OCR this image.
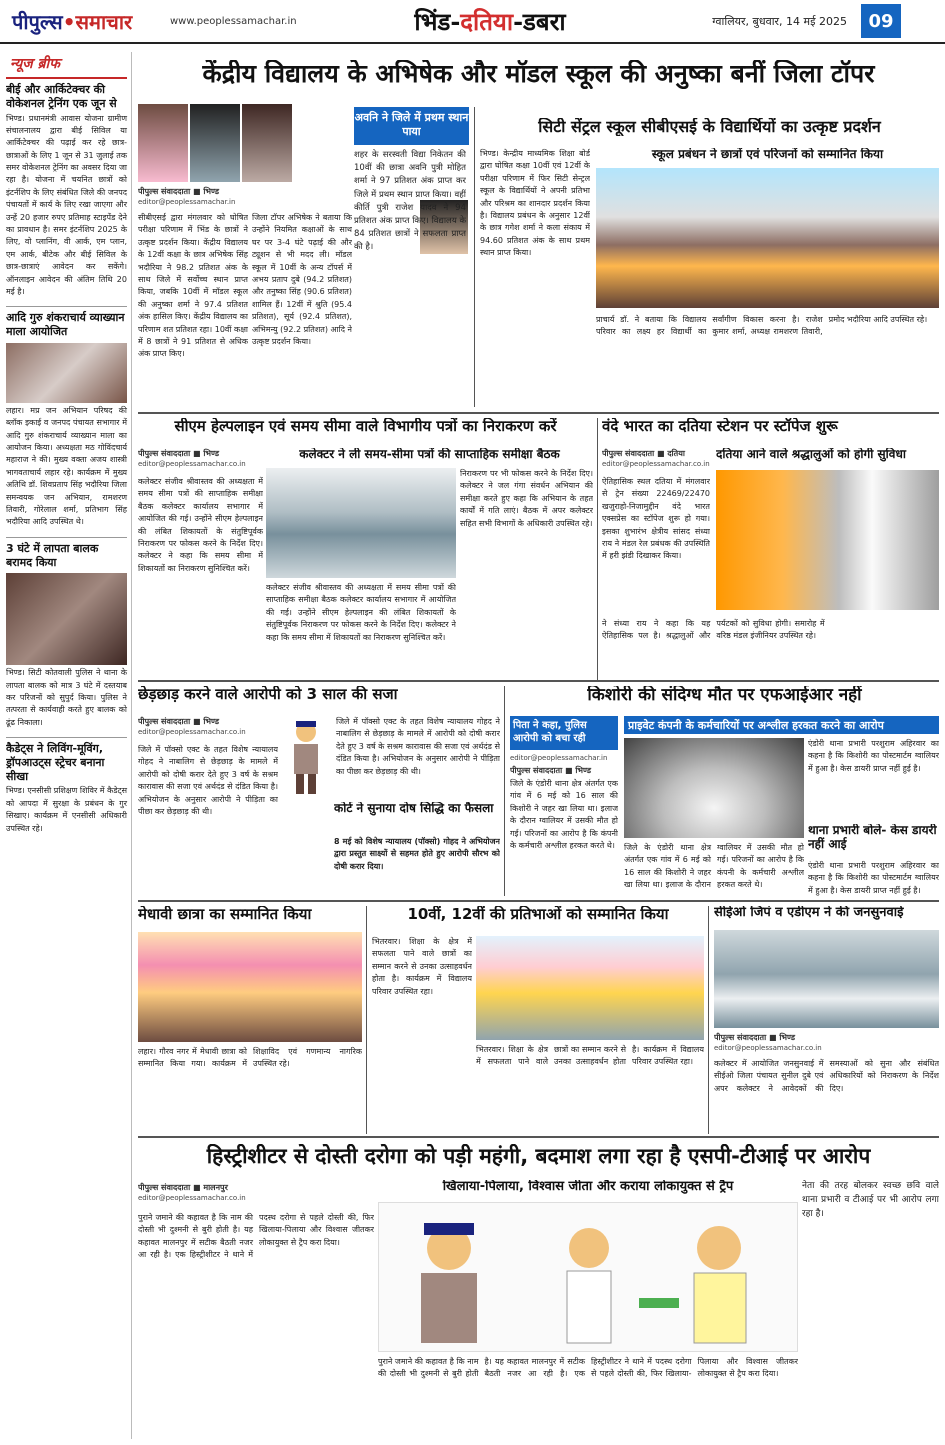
पीपुल्स•समाचार	www.peoplessamachar.in	भिंड-दतिया-डबरा	ग्वालियर, बुधवार, 14 मई 2025	09
न्यूज ब्रीफ
बीई और आर्किटेक्चर की वोकेशनल ट्रेनिंग एक जून से
भिण्ड। प्रधानमंत्री आवास योजना ग्रामीण संचालनालय द्वारा बीई सिविल या आर्किटेक्चर की पढ़ाई कर रहे छात्र-छात्राओं के लिए 1 जून से 31 जुलाई तक समर वोकेशनल ट्रेनिंग का अवसर दिया जा रहा है। योजना में चयनित छात्रों को इंटर्नशिप के लिए संबंधित जिले की जनपद पंचायतों में कार्य के लिए रखा जाएगा और उन्हें 20 हजार रुपए प्रतिमाह स्टाइपेंड देने का प्रावधान है। समर इंटर्नशिप 2025 के लिए, वो प्लानिंग, वी आर्क, एम प्लान, एम आर्क, बीटेक और बीई सिविल के छात्र-छात्राएं आवेदन कर सकेंगे। ऑनलाइन आवेदन की अंतिम तिथि 20 मई है।
आदि गुरु शंकराचार्य व्याख्यान माला आयोजित
लहार। मप्र जन अभियान परिषद की ब्लॉक इकाई व जनपद पंचायत सभागार में आदि गुरु शंकराचार्य व्याख्यान माला का आयोजन किया। अध्यक्षता मठ गोविंदचार्य महाराज ने की। मुख्य वक्ता अजय शास्त्री भागवताचार्य लहार रहे। कार्यक्रम में मुख्य अतिथि डॉ. शिवप्रताप सिंह भदौरिया जिला समन्वयक जन अभियान, रामशरण तिवारी, गोरेलाल शर्मा, प्रतिभाग सिंह भदौरिया आदि उपस्थित थे।
3 घंटे में लापता बालक बरामद किया
भिण्ड। सिटी कोतवाली पुलिस ने थाना के लापता बालक को मात्र 3 घंटे में दस्तयाब कर परिजनों को सुपुर्द किया। पुलिस ने तत्परता से कार्यवाही करते हुए बालक को ढूंढ निकाला।
कैडेट्स ने लिविंग-मूविंग, ड्रॉपआउट्स स्ट्रेचर बनाना सीखा
भिण्ड। एनसीसी प्रशिक्षण शिविर में कैडेट्स को आपदा में सुरक्षा के प्रबंधन के गुर सिखाए। कार्यक्रम में एनसीसी अधिकारी उपस्थित रहे।
केंद्रीय विद्यालय के अभिषेक और मॉडल स्कूल की अनुष्का बनीं जिला टॉपर
पीपुल्स संवाददाता ■ भिण्ड
editor@peoplessamachar.in
सीबीएसई द्वारा मंगलवार को घोषित परीक्षा परिणाम में भिंड के छात्रों ने उत्कृष्ट प्रदर्शन किया। केंद्रीय विद्यालय के 12वीं कक्षा के छात्र अभिषेक सिंह भदौरिया ने 98.2 प्रतिशत अंक के साथ जिले में सर्वोच्च स्थान प्राप्त किया, जबकि 10वीं में मॉडल स्कूल की अनुष्का शर्मा ने 97.4 प्रतिशत अंक हासिल किए। केंद्रीय विद्यालय का परिणाम शत प्रतिशत रहा। 10वीं कक्षा में 8 छात्रों ने 91 प्रतिशत से अधिक अंक प्राप्त किए।
जिला टॉपर अभिषेक ने बताया कि उन्होंने नियमित कक्षाओं के साथ घर पर 3-4 घंटे पढ़ाई की और ट्यूशन से भी मदद ली। मॉडल स्कूल में 10वीं के अन्य टॉपर्स में अभय प्रताप दुबे (94.2 प्रतिशत) और तनुष्का सिंह (90.6 प्रतिशत) शामिल हैं। 12वीं में श्रुति (95.4 प्रतिशत), सूर्य (92.4 प्रतिशत), अभिमन्यु (92.2 प्रतिशत) आदि ने उत्कृष्ट प्रदर्शन किया।
अवनि ने जिले में प्रथम स्थान पाया
शहर के सरस्वती विद्या निकेतन की 10वीं की छात्रा अवनि पुत्री मोहित शर्मा ने 97 प्रतिशत अंक प्राप्त कर जिले में प्रथम स्थान प्राप्त किया। वहीं कीर्ति पुत्री राजेश यादव ने 94 प्रतिशत अंक प्राप्त किए। विद्यालय के 84 प्रतिशत छात्रों ने सफलता प्राप्त की है।
सिटी सेंट्रल स्कूल सीबीएसई के विद्यार्थियों का उत्कृष्ट प्रदर्शन
भिण्ड। केन्द्रीय माध्यमिक शिक्षा बोर्ड द्वारा घोषित कक्षा 10वीं एवं 12वीं के परीक्षा परिणाम में फिर सिटी सेन्ट्रल स्कूल के विद्यार्थियों ने अपनी प्रतिभा और परिश्रम का शानदार प्रदर्शन किया है। विद्यालय प्रबंधन के अनुसार 12वीं के छात्र गगेश शर्मा ने कला संकाय में 94.60 प्रतिशत अंक के साथ प्रथम स्थान प्राप्त किया।
स्कूल प्रबंधन ने छात्रों एवं परिजनों को सम्मानित किया
प्राचार्य डॉ. ने बताया कि विद्यालय परिवार का लक्ष्य हर विद्यार्थी का सर्वांगीण विकास करना है। राजेश कुमार शर्मा, अध्यक्ष रामशरण तिवारी, प्रमोद भदौरिया आदि उपस्थित रहे।
सीएम हेल्पलाइन एवं समय सीमा वाले विभागीय पत्रों का निराकरण करें
पीपुल्स संवाददाता ■ भिण्ड
editor@peoplessamachar.co.in
कलेक्टर ने ली समय-सीमा पत्रों की साप्ताहिक समीक्षा बैठक
कलेक्टर संजीव श्रीवास्तव की अध्यक्षता में समय सीमा पत्रों की साप्ताहिक समीक्षा बैठक कलेक्टर कार्यालय सभागार में आयोजित की गई। उन्होंने सीएम हेल्पलाइन की लंबित शिकायतों के संतुष्टिपूर्वक निराकरण पर फोकस करने के निर्देश दिए। कलेक्टर ने कहा कि समय सीमा में शिकायतों का निराकरण सुनिश्चित करें।
निराकरण पर भी फोकस करने के निर्देश दिए। कलेक्टर ने जल गंगा संवर्धन अभियान की समीक्षा करते हुए कहा कि अभियान के तहत कार्यों में गति लाएं। बैठक में अपर कलेक्टर सहित सभी विभागों के अधिकारी उपस्थित रहे।
कलेक्टर संजीव श्रीवास्तव की अध्यक्षता में समय सीमा पत्रों की साप्ताहिक समीक्षा बैठक कलेक्टर कार्यालय सभागार में आयोजित की गई। उन्होंने सीएम हेल्पलाइन की लंबित शिकायतों के संतुष्टिपूर्वक निराकरण पर फोकस करने के निर्देश दिए। कलेक्टर ने कहा कि समय सीमा में शिकायतों का निराकरण सुनिश्चित करें।
वंदे भारत का दतिया स्टेशन पर स्टॉपेज शुरू
पीपुल्स संवाददाता ■ दतिया
editor@peoplessamachar.co.in
दतिया आने वाले श्रद्धालुओं को होगी सुविधा
ऐतिहासिक स्थल दतिया में मंगलवार से ट्रेन संख्या 22469/22470 खजुराहो-निजामुद्दीन वंदे भारत एक्सप्रेस का स्टॉपेज शुरू हो गया। इसका शुभारंभ क्षेत्रीय सांसद संध्या राय ने मंडल रेल प्रबंधक की उपस्थिति में हरी झंडी दिखाकर किया।
ने संध्या राय ने कहा कि यह ऐतिहासिक पल है। श्रद्धालुओं और पर्यटकों को सुविधा होगी। समारोह में वरिष्ठ मंडल इंजीनियर उपस्थित रहे।
छेड़छाड़ करने वाले आरोपी को 3 साल की सजा
पीपुल्स संवाददाता ■ भिण्ड
editor@peoplessamachar.co.in
जिले में पॉक्सो एक्ट के तहत विशेष न्यायालय गोहद ने नाबालिग से छेड़छाड़ के मामले में आरोपी को दोषी करार देते हुए 3 वर्ष के सश्रम कारावास की सजा एवं अर्थदंड से दंडित किया है। अभियोजन के अनुसार आरोपी ने पीड़िता का पीछा कर छेड़छाड़ की थी।
जिले में पॉक्सो एक्ट के तहत विशेष न्यायालय गोहद ने नाबालिग से छेड़छाड़ के मामले में आरोपी को दोषी करार देते हुए 3 वर्ष के सश्रम कारावास की सजा एवं अर्थदंड से दंडित किया है। अभियोजन के अनुसार आरोपी ने पीड़िता का पीछा कर छेड़छाड़ की थी।
कोर्ट ने सुनाया दोष सिद्धि का फैसला
8 मई को विशेष न्यायालय (पॉक्सो) गोहद ने अभियोजन द्वारा प्रस्तुत साक्ष्यों से सहमत होते हुए आरोपी सौरभ को दोषी करार दिया।
किशोरी की संदिग्ध मौत पर एफआईआर नहीं
पिता ने कहा, पुलिस आरोपी को बचा रही
editor@peoplessamachar.in
पीपुल्स संवाददाता ■ भिण्ड
प्राइवेट कंपनी के कर्मचारियों पर अश्लील हरकत करने का आरोप
जिले के एंडोरी थाना क्षेत्र अंतर्गत एक गांव में 6 मई को 16 साल की किशोरी ने जहर खा लिया था। इलाज के दौरान ग्वालियर में उसकी मौत हो गई। परिजनों का आरोप है कि कंपनी के कर्मचारी अश्लील हरकत करते थे।	जिले के एंडोरी थाना क्षेत्र अंतर्गत एक गांव में 6 मई को 16 साल की किशोरी ने जहर खा लिया था। इलाज के दौरान ग्वालियर में उसकी मौत हो गई। परिजनों का आरोप है कि कंपनी के कर्मचारी अश्लील हरकत करते थे।
एंडोरी थाना प्रभारी परशुराम अहिरवार का कहना है कि किशोरी का पोस्टमार्टम ग्वालियर में हुआ है। केस डायरी प्राप्त नहीं हुई है।
थाना प्रभारी बोले- केस डायरी नहीं आई
एंडोरी थाना प्रभारी परशुराम अहिरवार का कहना है कि किशोरी का पोस्टमार्टम ग्वालियर में हुआ है। केस डायरी प्राप्त नहीं हुई है।
मेधावी छात्रा का सम्मानित किया
लहार। गौरव नगर में मेधावी छात्रा को सम्मानित किया गया। कार्यक्रम में शिक्षाविद एवं गणमान्य नागरिक उपस्थित रहे।
10वीं, 12वीं की प्रतिभाओं को सम्मानित किया
भितरवार। शिक्षा के क्षेत्र में सफलता पाने वाले छात्रों का सम्मान करने से उनका उत्साहवर्धन होता है। कार्यक्रम में विद्यालय परिवार उपस्थित रहा।
भितरवार। शिक्षा के क्षेत्र में सफलता पाने वाले छात्रों का सम्मान करने से उनका उत्साहवर्धन होता है। कार्यक्रम में विद्यालय परिवार उपस्थित रहा।
सीईओ जिपं व एडीएम ने की जनसुनवाई
पीपुल्स संवाददाता ■ भिण्ड
editor@peoplessamachar.co.in
कलेक्टर में आयोजित जनसुनवाई में सीईओ जिला पंचायत सुनील दुबे एवं अपर कलेक्टर ने आवेदकों की समस्याओं को सुना और संबंधित अधिकारियों को निराकरण के निर्देश दिए।
हिस्ट्रीशीटर से दोस्ती दरोगा को पड़ी महंगी, बदमाश लगा रहा है एसपी-टीआई पर आरोप
पीपुल्स संवाददाता ■ मालनपुर
editor@peoplessamachar.co.in
खिलाया-पिलाया, विश्वास जीता और कराया लोकायुक्त से ट्रैप
पुराने जमाने की कहावत है कि नाम की दोस्ती भी दुश्मनी से बुरी होती है। यह कहावत मालनपुर में सटीक बैठती नजर आ रही है। एक हिस्ट्रीशीटर ने थाने में पदस्थ दरोगा से पहले दोस्ती की, फिर खिलाया-पिलाया और विश्वास जीतकर लोकायुक्त से ट्रैप करा दिया।
पुराने जमाने की कहावत है कि नाम की दोस्ती भी दुश्मनी से बुरी होती है। यह कहावत मालनपुर में सटीक बैठती नजर आ रही है। एक हिस्ट्रीशीटर ने थाने में पदस्थ दरोगा से पहले दोस्ती की, फिर खिलाया-पिलाया और विश्वास जीतकर लोकायुक्त से ट्रैप करा दिया।
नेता की तरह बोलकर स्वच्छ छवि वाले थाना प्रभारी व टीआई पर भी आरोप लगा रहा है।
